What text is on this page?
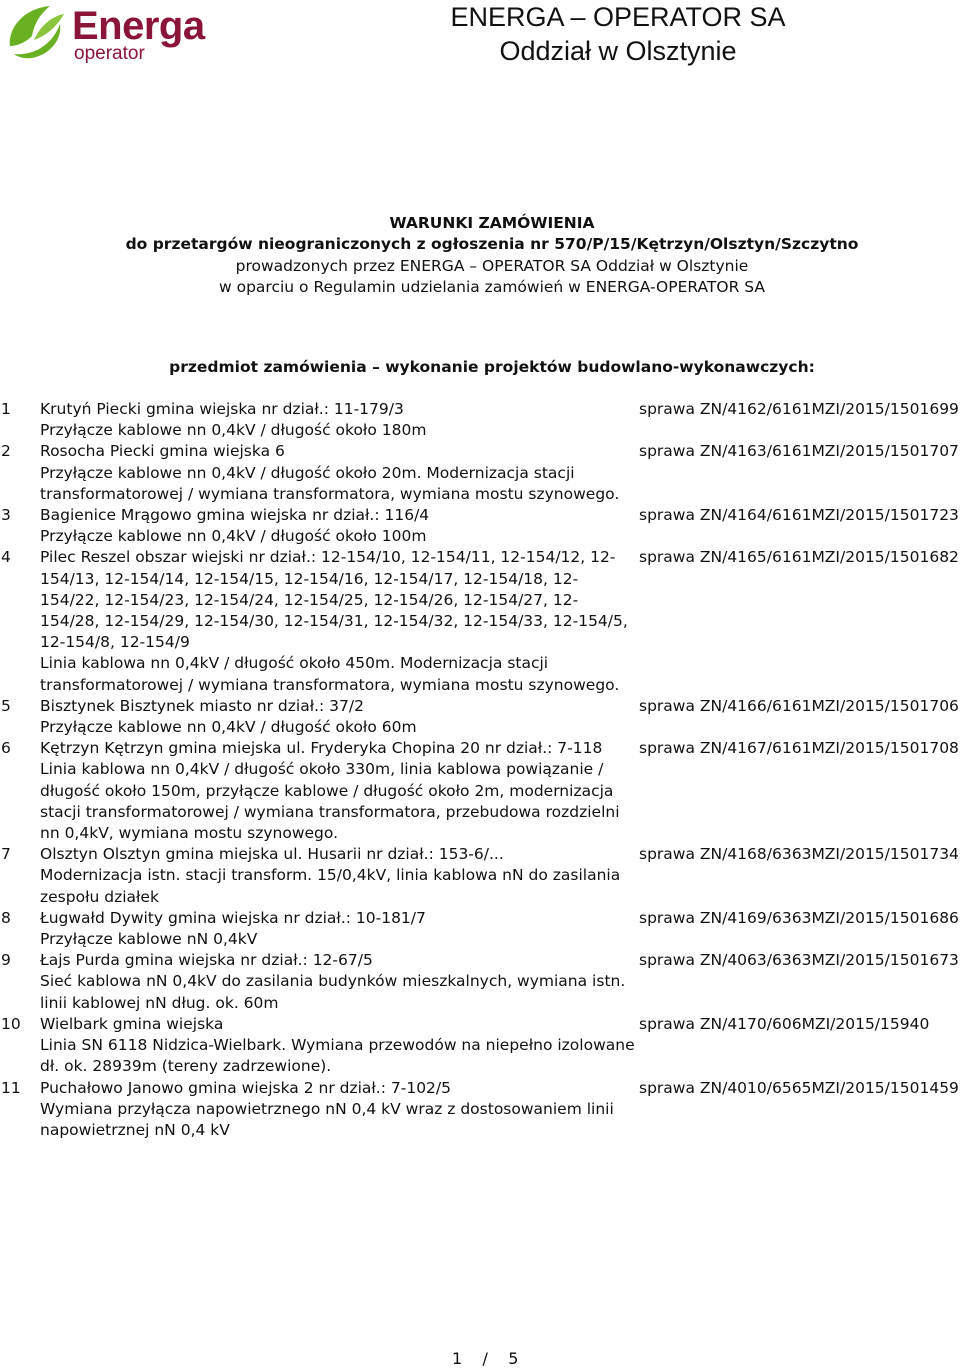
Energa
operator
ENERGA – OPERATOR SA
Oddział w Olsztynie
WARUNKI ZAMÓWIENIA
do przetargów nieograniczonych z ogłoszenia nr 570/P/15/Kętrzyn/Olsztyn/Szczytno
prowadzonych przez ENERGA – OPERATOR SA Oddział w Olsztynie
w oparciu o Regulamin udzielania zamówień w ENERGA-OPERATOR SA
przedmiot zamówienia – wykonanie projektów budowlano-wykonawczych:
1	Krutyń Piecki gmina wiejska nr dział.: 11-179/3
Przyłącze kablowe nn 0,4kV / długość około 180m
sprawa ZN/4162/6161MZI/2015/1501699
2	Rosocha Piecki gmina wiejska 6
Przyłącze kablowe nn 0,4kV / długość około 20m. Modernizacja stacji
transformatorowej / wymiana transformatora, wymiana mostu szynowego.
sprawa ZN/4163/6161MZI/2015/1501707
3	Bagienice Mrągowo gmina wiejska nr dział.: 116/4
Przyłącze kablowe nn 0,4kV / długość około 100m
sprawa ZN/4164/6161MZI/2015/1501723
4	Pilec Reszel obszar wiejski nr dział.: 12-154/10, 12-154/11, 12-154/12, 12-
154/13, 12-154/14, 12-154/15, 12-154/16, 12-154/17, 12-154/18, 12-
154/22, 12-154/23, 12-154/24, 12-154/25, 12-154/26, 12-154/27, 12-
154/28, 12-154/29, 12-154/30, 12-154/31, 12-154/32, 12-154/33, 12-154/5,
12-154/8, 12-154/9
Linia kablowa nn 0,4kV / długość około 450m. Modernizacja stacji
transformatorowej / wymiana transformatora, wymiana mostu szynowego.
sprawa ZN/4165/6161MZI/2015/1501682
5	Bisztynek Bisztynek miasto nr dział.: 37/2
Przyłącze kablowe nn 0,4kV / długość około 60m
sprawa ZN/4166/6161MZI/2015/1501706
6	Kętrzyn Kętrzyn gmina miejska ul. Fryderyka Chopina 20 nr dział.: 7-118
Linia kablowa nn 0,4kV / długość około 330m, linia kablowa powiązanie /
długość około 150m, przyłącze kablowe / długość około 2m, modernizacja
stacji transformatorowej / wymiana transformatora, przebudowa rozdzielni
nn 0,4kV, wymiana mostu szynowego.
sprawa ZN/4167/6161MZI/2015/1501708
7	Olsztyn Olsztyn gmina miejska ul. Husarii nr dział.: 153-6/...
Modernizacja istn. stacji transform. 15/0,4kV, linia kablowa nN do zasilania
zespołu działek
sprawa ZN/4168/6363MZI/2015/1501734
8	Ługwałd Dywity gmina wiejska nr dział.: 10-181/7
Przyłącze kablowe nN 0,4kV
sprawa ZN/4169/6363MZI/2015/1501686
9	Łajs Purda gmina wiejska nr dział.: 12-67/5
Sieć kablowa nN 0,4kV do zasilania budynków mieszkalnych, wymiana istn.
linii kablowej nN dług. ok. 60m
sprawa ZN/4063/6363MZI/2015/1501673
10	Wielbark gmina wiejska
Linia SN 6118 Nidzica-Wielbark. Wymiana przewodów na niepełno izolowane
dł. ok. 28939m (tereny zadrzewione).
sprawa ZN/4170/606MZI/2015/15940
11	Puchałowo Janowo gmina wiejska 2 nr dział.: 7-102/5
Wymiana przyłącza napowietrznego nN 0,4 kV wraz z dostosowaniem linii
napowietrznej nN 0,4 kV
sprawa ZN/4010/6565MZI/2015/1501459
1 / 5
